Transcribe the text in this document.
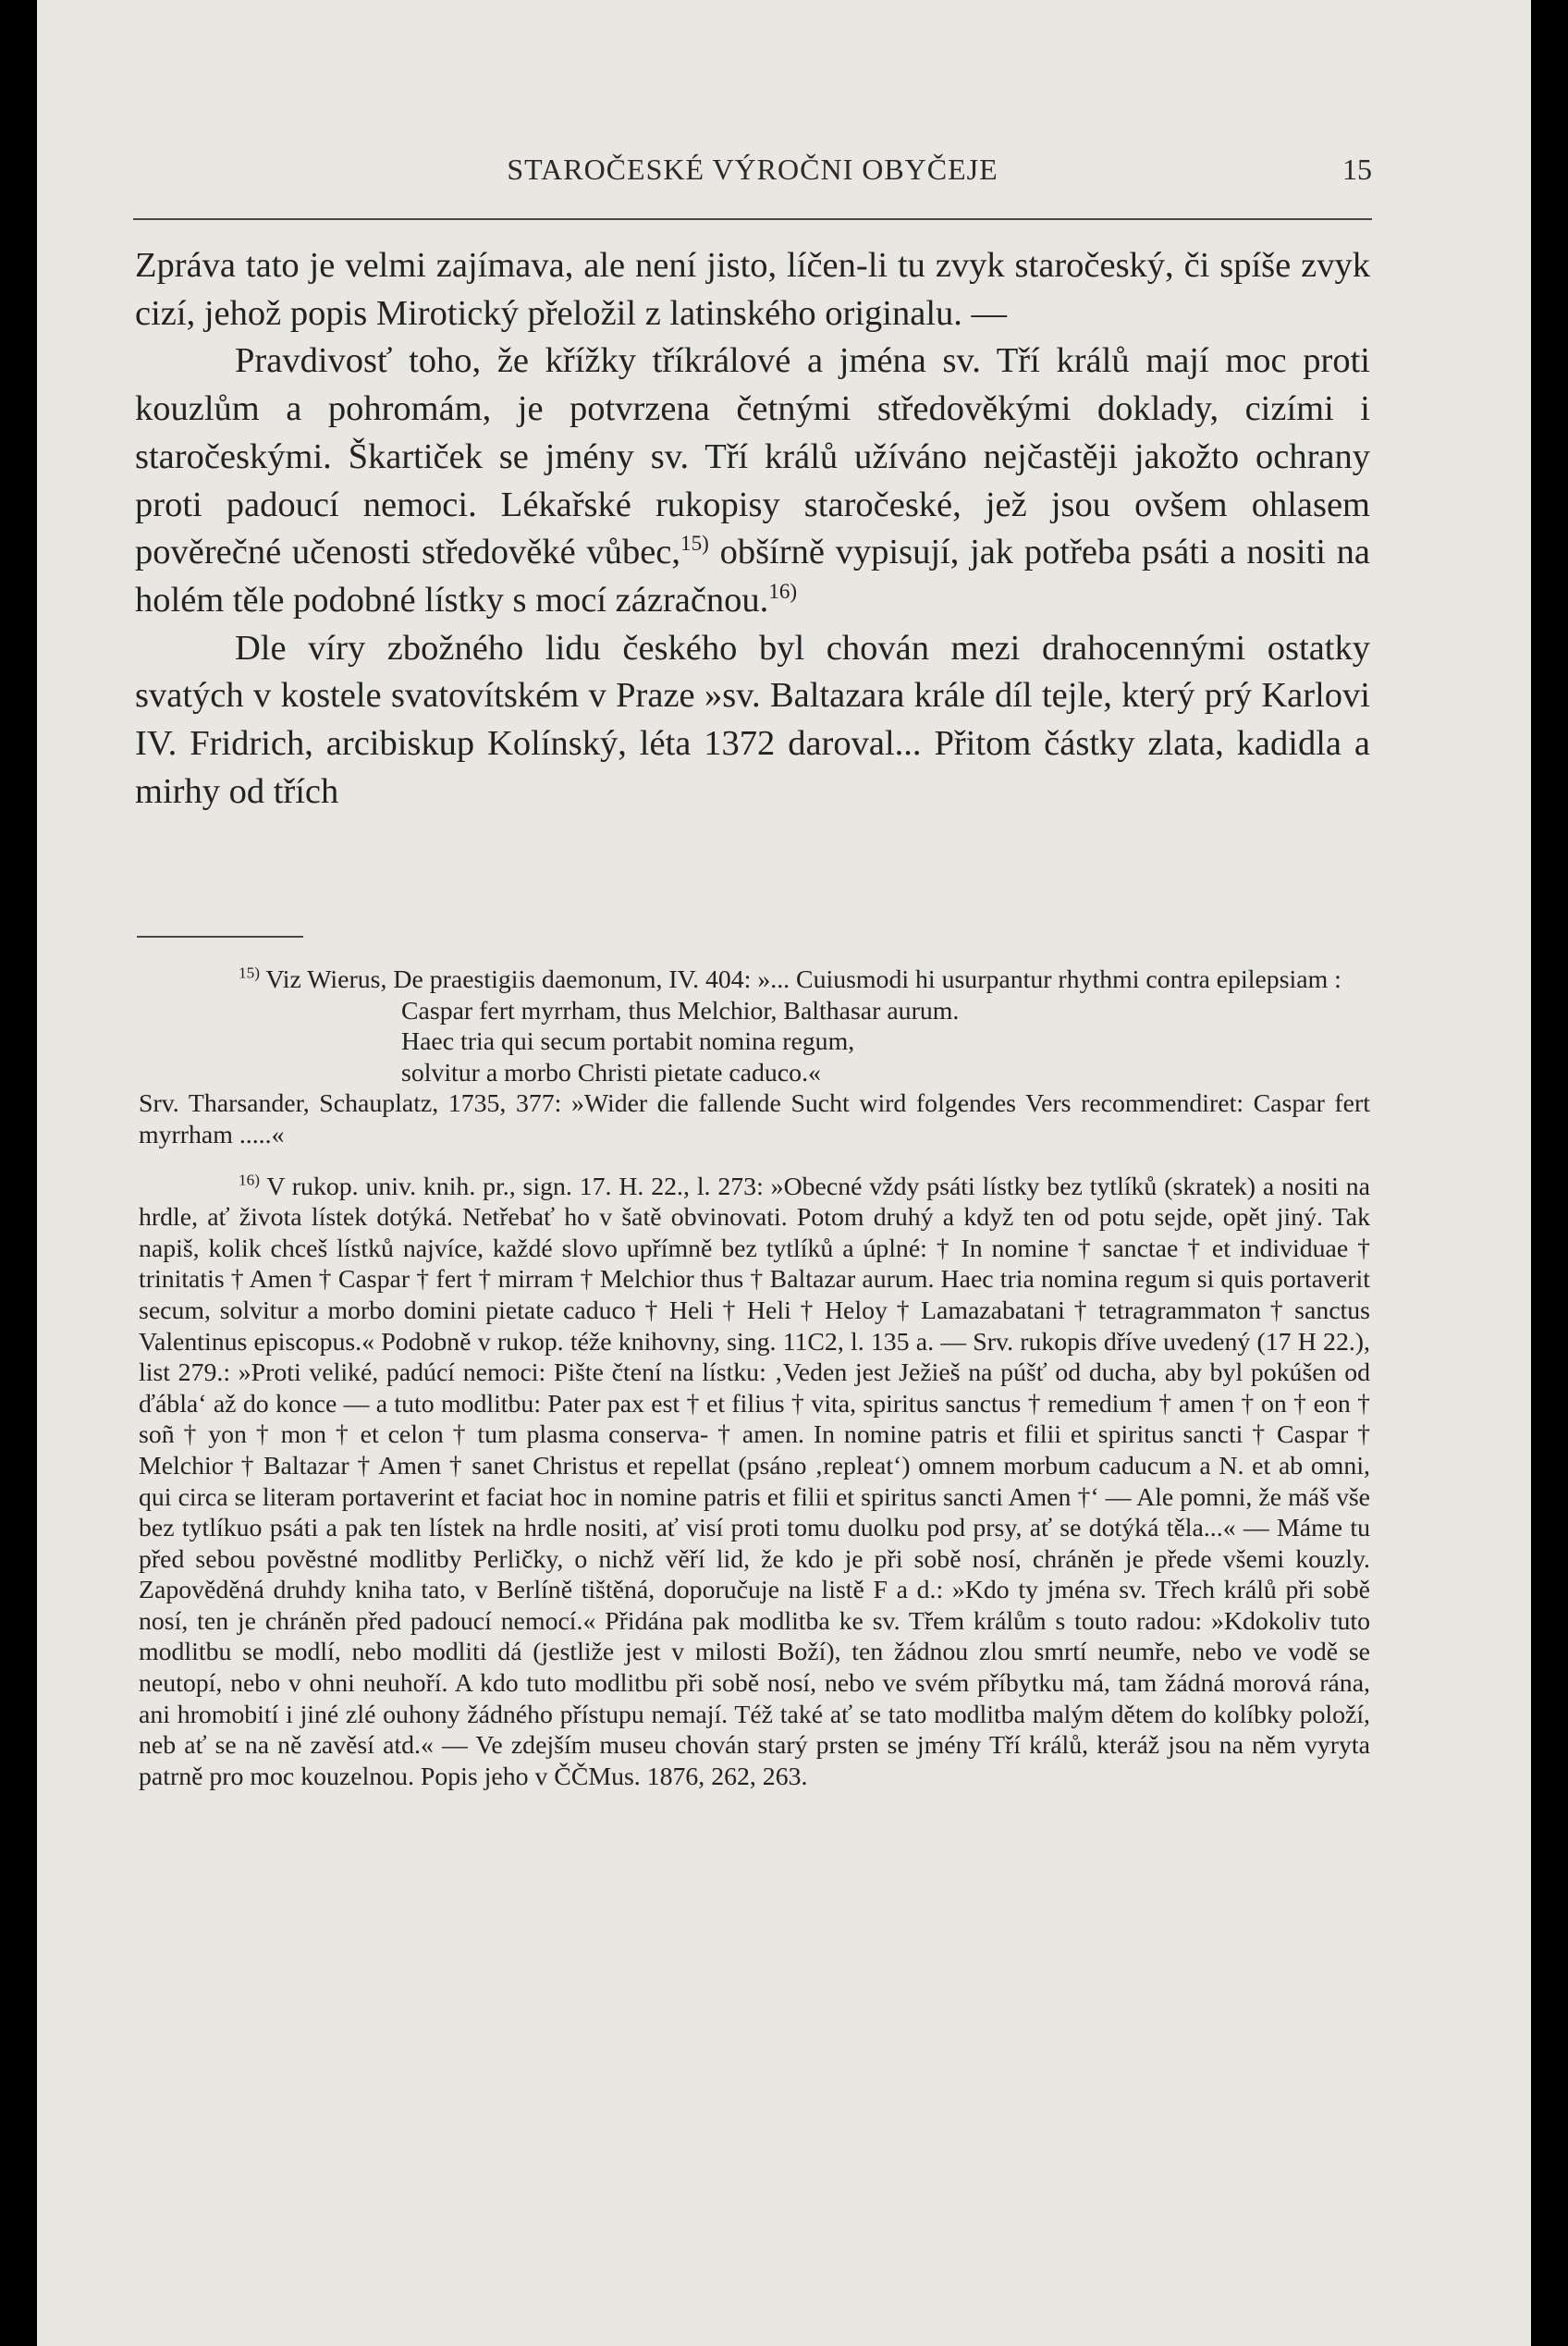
STAROČESKÉ VÝROČNI OBYČEJE	15

Zpráva tato je velmi zajímava, ale není jisto, líčen-li tu zvyk staročeský, či spíše zvyk cizí, jehož popis Mirotický přeložil z latinského originalu. —

Pravdivosť toho, že křížky tříkrálové a jména sv. Tří králů mají moc proti kouzlům a pohromám, je potvrzena četnými středověkými doklady, cizími i staročeskými. Škartiček se jmény sv. Tří králů užíváno nejčastěji jakožto ochrany proti padoucí nemoci. Lékařské rukopisy staročeské, jež jsou ovšem ohlasem pověrečné učenosti středověké vůbec,$^{15)}$ obšírně vypisují, jak potřeba psáti a nositi na holém těle podobné lístky s mocí zázračnou.$^{16)}$

Dle víry zbožného lidu českého byl chován mezi drahocennými ostatky svatých v kostele svatovítském v Praze »sv. Baltazara krále díl tejle, který prý Karlovi IV. Fridrich, arcibiskup Kolínský, léta 1372 daroval... Přitom částky zlata, kadidla a mirhy od třích

$^{15)}$ Viz Wierus, De praestigiis daemonum, IV. 404: »... Cuiusmodi hi usurpantur rhythmi contra epilepsiam :

Caspar fert myrrham, thus Melchior, Balthasar aurum.
Haec tria qui secum portabit nomina regum,
solvitur a morbo Christi pietate caduco.«

Srv. Tharsander, Schauplatz, 1735, 377: »Wider die fallende Sucht wird folgendes Vers recommendiret: Caspar fert myrrham .....«

$^{16)}$ V rukop. univ. knih. pr., sign. 17. H. 22., l. 273: »Obecné vždy psáti lístky bez tytlíků (skratek) a nositi na hrdle, ať života lístek dotýká. Netřebať ho v šatě obvinovati. Potom druhý a když ten od potu sejde, opět jiný. Tak napiš, kolik chceš lístků najvíce, každé slovo upřímně bez tytlíků a úplné: † In nomine † sanctae † et individuae † trinitatis † Amen † Caspar † fert † mirram † Melchior thus † Baltazar aurum. Haec tria nomina regum si quis portaverit secum, solvitur a morbo domini pietate caduco † Heli † Heli † Heloy † Lamazabatani † tetragrammaton † sanctus Valentinus episcopus.« Podobně v rukop. téže knihovny, sing. 11C2, l. 135 a. — Srv. rukopis dříve uvedený (17 H 22.), list 279.: »Proti veliké, padúcí nemoci: Pište čtení na lístku: ‚Veden jest Ježieš na púšť od ducha, aby byl pokúšen od ďábla‘ až do konce — a tuto modlitbu: Pater pax est † et filius † vita, spiritus sanctus † remedium † amen † on † eon † soñ † yon † mon † et celon † tum plasma conserva- † amen. In nomine patris et filii et spiritus sancti † Caspar † Melchior † Baltazar † Amen † sanet Christus et repellat (psáno ‚repleat‘) omnem morbum caducum a N. et ab omni, qui circa se literam portaverint et faciat hoc in nomine patris et filii et spiritus sancti Amen †‘ — Ale pomni, že máš vše bez tytlíkuo psáti a pak ten lístek na hrdle nositi, ať visí proti tomu duolku pod prsy, ať se dotýká těla...« — Máme tu před sebou pověstné modlitby Perličky, o nichž věří lid, že kdo je při sobě nosí, chráněn je přede všemi kouzly. Zapověděná druhdy kniha tato, v Berlíně tištěná, doporučuje na listě F a d.: »Kdo ty jména sv. Třech králů při sobě nosí, ten je chráněn před padoucí nemocí.« Přidána pak modlitba ke sv. Třem králům s touto radou: »Kdokoliv tuto modlitbu se modlí, nebo modliti dá (jestliže jest v milosti Boží), ten žádnou zlou smrtí neumře, nebo ve vodě se neutopí, nebo v ohni neuhoří. A kdo tuto modlitbu při sobě nosí, nebo ve svém příbytku má, tam žádná morová rána, ani hromobití i jiné zlé ouhony žádného přístupu nemají. Též také ať se tato modlitba malým dětem do kolíbky položí, neb ať se na ně zavěsí atd.« — Ve zdejším museu chován starý prsten se jmény Tří králů, kteráž jsou na něm vyryta patrně pro moc kouzelnou. Popis jeho v ČČMus. 1876, 262, 263.
